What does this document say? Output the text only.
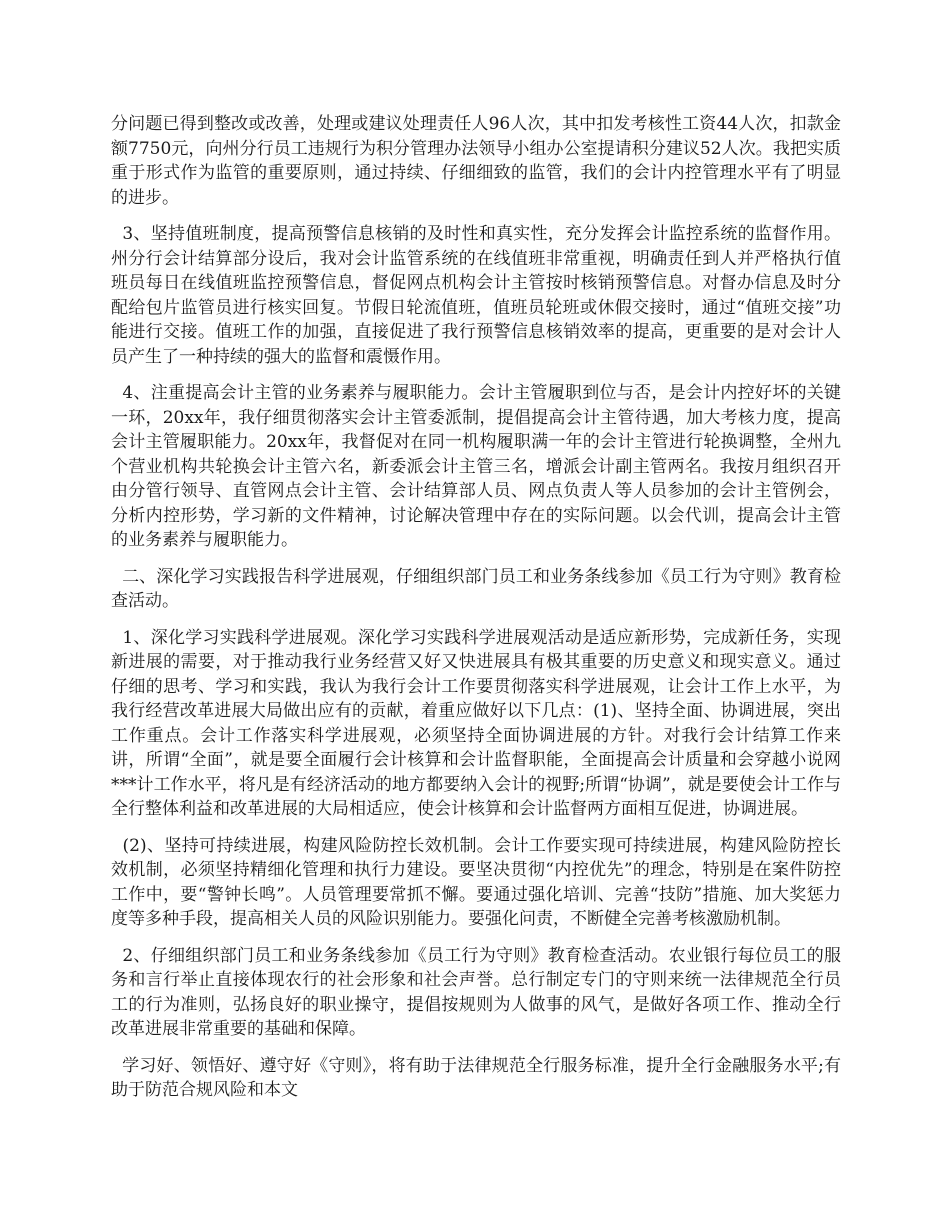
分问题已得到整改或改善，处理或建议处理责任人96人次，其中扣发考核性工资44人次，扣款金额7750元，向州分行员工违规行为积分管理办法领导小组办公室提请积分建议52人次。我把实质重于形式作为监管的重要原则，通过持续、仔细细致的监管，我们的会计内控管理水平有了明显的进步。

3、坚持值班制度，提高预警信息核销的及时性和真实性，充分发挥会计监控系统的监督作用。州分行会计结算部分设后，我对会计监管系统的在线值班非常重视，明确责任到人并严格执行值班员每日在线值班监控预警信息，督促网点机构会计主管按时核销预警信息。对督办信息及时分配给包片监管员进行核实回复。节假日轮流值班，值班员轮班或休假交接时，通过“值班交接”功能进行交接。值班工作的加强，直接促进了我行预警信息核销效率的提高，更重要的是对会计人员产生了一种持续的强大的监督和震慑作用。

4、注重提高会计主管的业务素养与履职能力。会计主管履职到位与否，是会计内控好坏的关键一环，20xx年，我仔细贯彻落实会计主管委派制，提倡提高会计主管待遇，加大考核力度，提高会计主管履职能力。20xx年，我督促对在同一机构履职满一年的会计主管进行轮换调整，全州九个营业机构共轮换会计主管六名，新委派会计主管三名，增派会计副主管两名。我按月组织召开由分管行领导、直管网点会计主管、会计结算部人员、网点负责人等人员参加的会计主管例会，分析内控形势，学习新的文件精神，讨论解决管理中存在的实际问题。以会代训，提高会计主管的业务素养与履职能力。

二、深化学习实践报告科学进展观，仔细组织部门员工和业务条线参加《员工行为守则》教育检查活动。

1、深化学习实践科学进展观。深化学习实践科学进展观活动是适应新形势，完成新任务，实现新进展的需要，对于推动我行业务经营又好又快进展具有极其重要的历史意义和现实意义。通过仔细的思考、学习和实践，我认为我行会计工作要贯彻落实科学进展观，让会计工作上水平，为我行经营改革进展大局做出应有的贡献，着重应做好以下几点：(1)、坚持全面、协调进展，突出工作重点。会计工作落实科学进展观，必须坚持全面协调进展的方针。对我行会计结算工作来讲，所谓“全面”，就是要全面履行会计核算和会计监督职能，全面提高会计质量和会穿越小说网***计工作水平，将凡是有经济活动的地方都要纳入会计的视野;所谓“协调”，就是要使会计工作与全行整体利益和改革进展的大局相适应，使会计核算和会计监督两方面相互促进，协调进展。

(2)、坚持可持续进展，构建风险防控长效机制。会计工作要实现可持续进展，构建风险防控长效机制，必须坚持精细化管理和执行力建设。要坚决贯彻“内控优先”的理念，特别是在案件防控工作中，要“警钟长鸣”。人员管理要常抓不懈。要通过强化培训、完善“技防”措施、加大奖惩力度等多种手段，提高相关人员的风险识别能力。要强化问责，不断健全完善考核激励机制。

2、仔细组织部门员工和业务条线参加《员工行为守则》教育检查活动。农业银行每位员工的服务和言行举止直接体现农行的社会形象和社会声誉。总行制定专门的守则来统一法律规范全行员工的行为准则，弘扬良好的职业操守，提倡按规则为人做事的风气，是做好各项工作、推动全行改革进展非常重要的基础和保障。

学习好、领悟好、遵守好《守则》，将有助于法律规范全行服务标准，提升全行金融服务水平;有助于防范合规风险和本文
